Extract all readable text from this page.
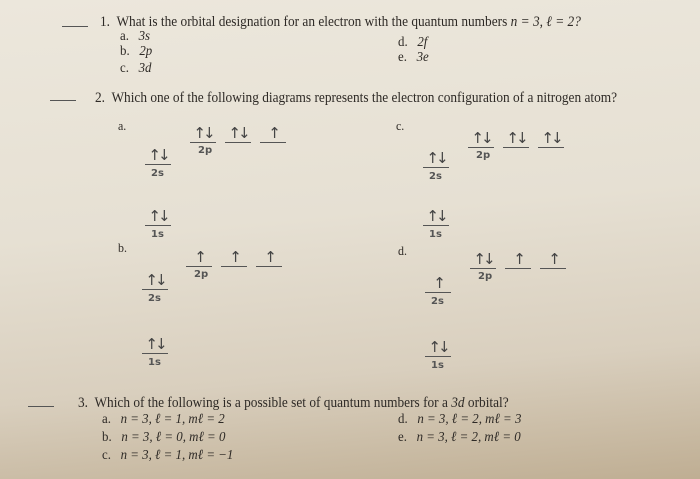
1. What is the orbital designation for an electron with the quantum numbers n = 3, ℓ = 2?
a. 3s
b. 2p
c. 3d
d. 2f
e. 3e
2. Which one of the following diagrams represents the electron configuration of a nitrogen atom?
a.	↑↓ ↑↓	↑
2p
↑↓
2s
↑↓
1s
b.
↑	↑	↑
2p
↑↓
2s
↑↓
1s
c.
↑↓ ↑↓ ↑↓
2p
↑↓
2s
↑↓
1s
d.	↑↓	↑	↑
2p
↑
2s
↑↓
1s
3. Which of the following is a possible set of quantum numbers for a 3d orbital?
a. n = 3, ℓ = 1, mℓ = 2
b. n = 3, ℓ = 0, mℓ = 0
c. n = 3, ℓ = 1, mℓ = −1
d. n = 3, ℓ = 2, mℓ = 3
e. n = 3, ℓ = 2, mℓ = 0
